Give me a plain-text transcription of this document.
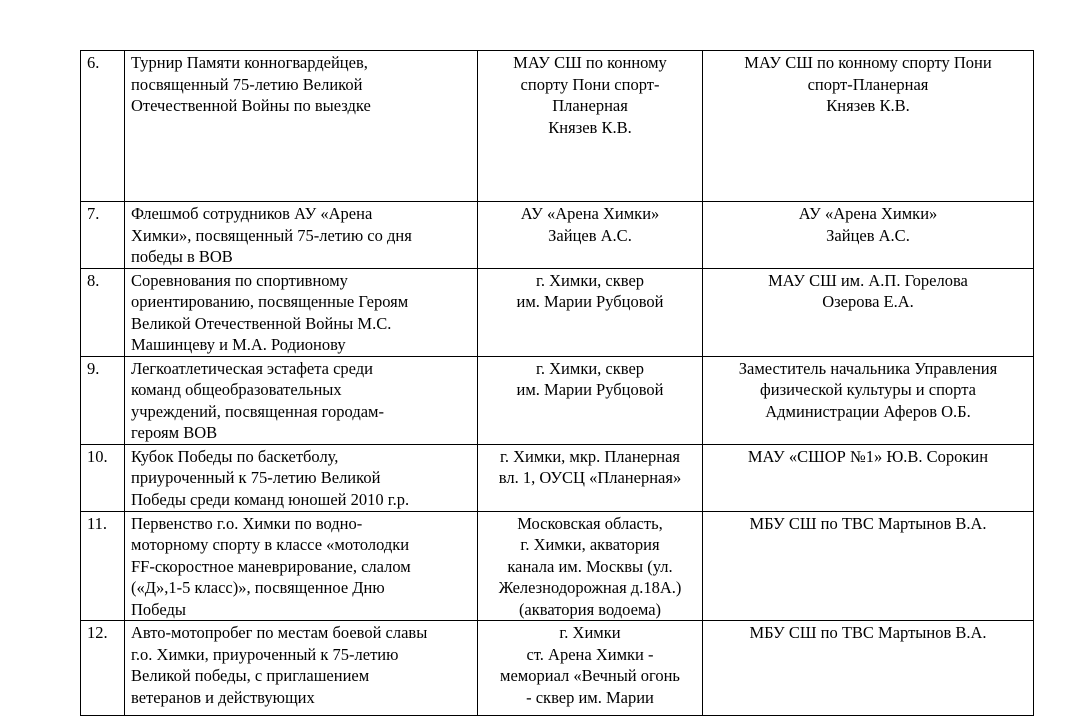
6.	Турнир Памяти конногвардейцев,
посвященный 75-летию Великой
Отечественной Войны по выездке	МАУ СШ по конному
спорту Пони спорт-
Планерная
Князев К.В.	МАУ СШ по конному спорту Пони
спорт-Планерная
Князев К.В.
7.	Флешмоб сотрудников АУ «Арена
Химки», посвященный 75-летию со дня
победы в ВОВ	АУ «Арена Химки»
Зайцев А.С.	АУ «Арена Химки»
Зайцев А.С.
8.	Соревнования по спортивному
ориентированию, посвященные Героям
Великой Отечественной Войны М.С.
Машинцеву и М.А. Родионову	г. Химки, сквер
им. Марии Рубцовой	МАУ СШ им. А.П. Горелова
Озерова Е.А.
9.	Легкоатлетическая эстафета среди
команд общеобразовательных
учреждений, посвященная городам-
героям ВОВ	г. Химки, сквер
им. Марии Рубцовой	Заместитель начальника Управления
физической культуры и спорта
Администрации Аферов О.Б.
10.	Кубок Победы по баскетболу,
приуроченный к 75-летию Великой
Победы среди команд юношей 2010 г.р.	г. Химки, мкр. Планерная
вл. 1, ОУСЦ «Планерная»	МАУ «СШОР №1» Ю.В. Сорокин
11.	Первенство г.о. Химки по водно-
моторному спорту в классе «мотолодки
FF-скоростное маневрирование, слалом
(«Д»,1-5 класс)», посвященное Дню
Победы	Московская область,
г. Химки, акватория
канала им. Москвы (ул.
Железнодорожная д.18А.)
(акватория водоема)	МБУ СШ по ТВС Мартынов В.А.
12.	Авто-мотопробег по местам боевой славы
г.о. Химки, приуроченный к 75-летию
Великой победы, с приглашением
ветеранов и действующих	г. Химки
ст. Арена Химки -
мемориал «Вечный огонь
- сквер им. Марии	МБУ СШ по ТВС Мартынов В.А.
